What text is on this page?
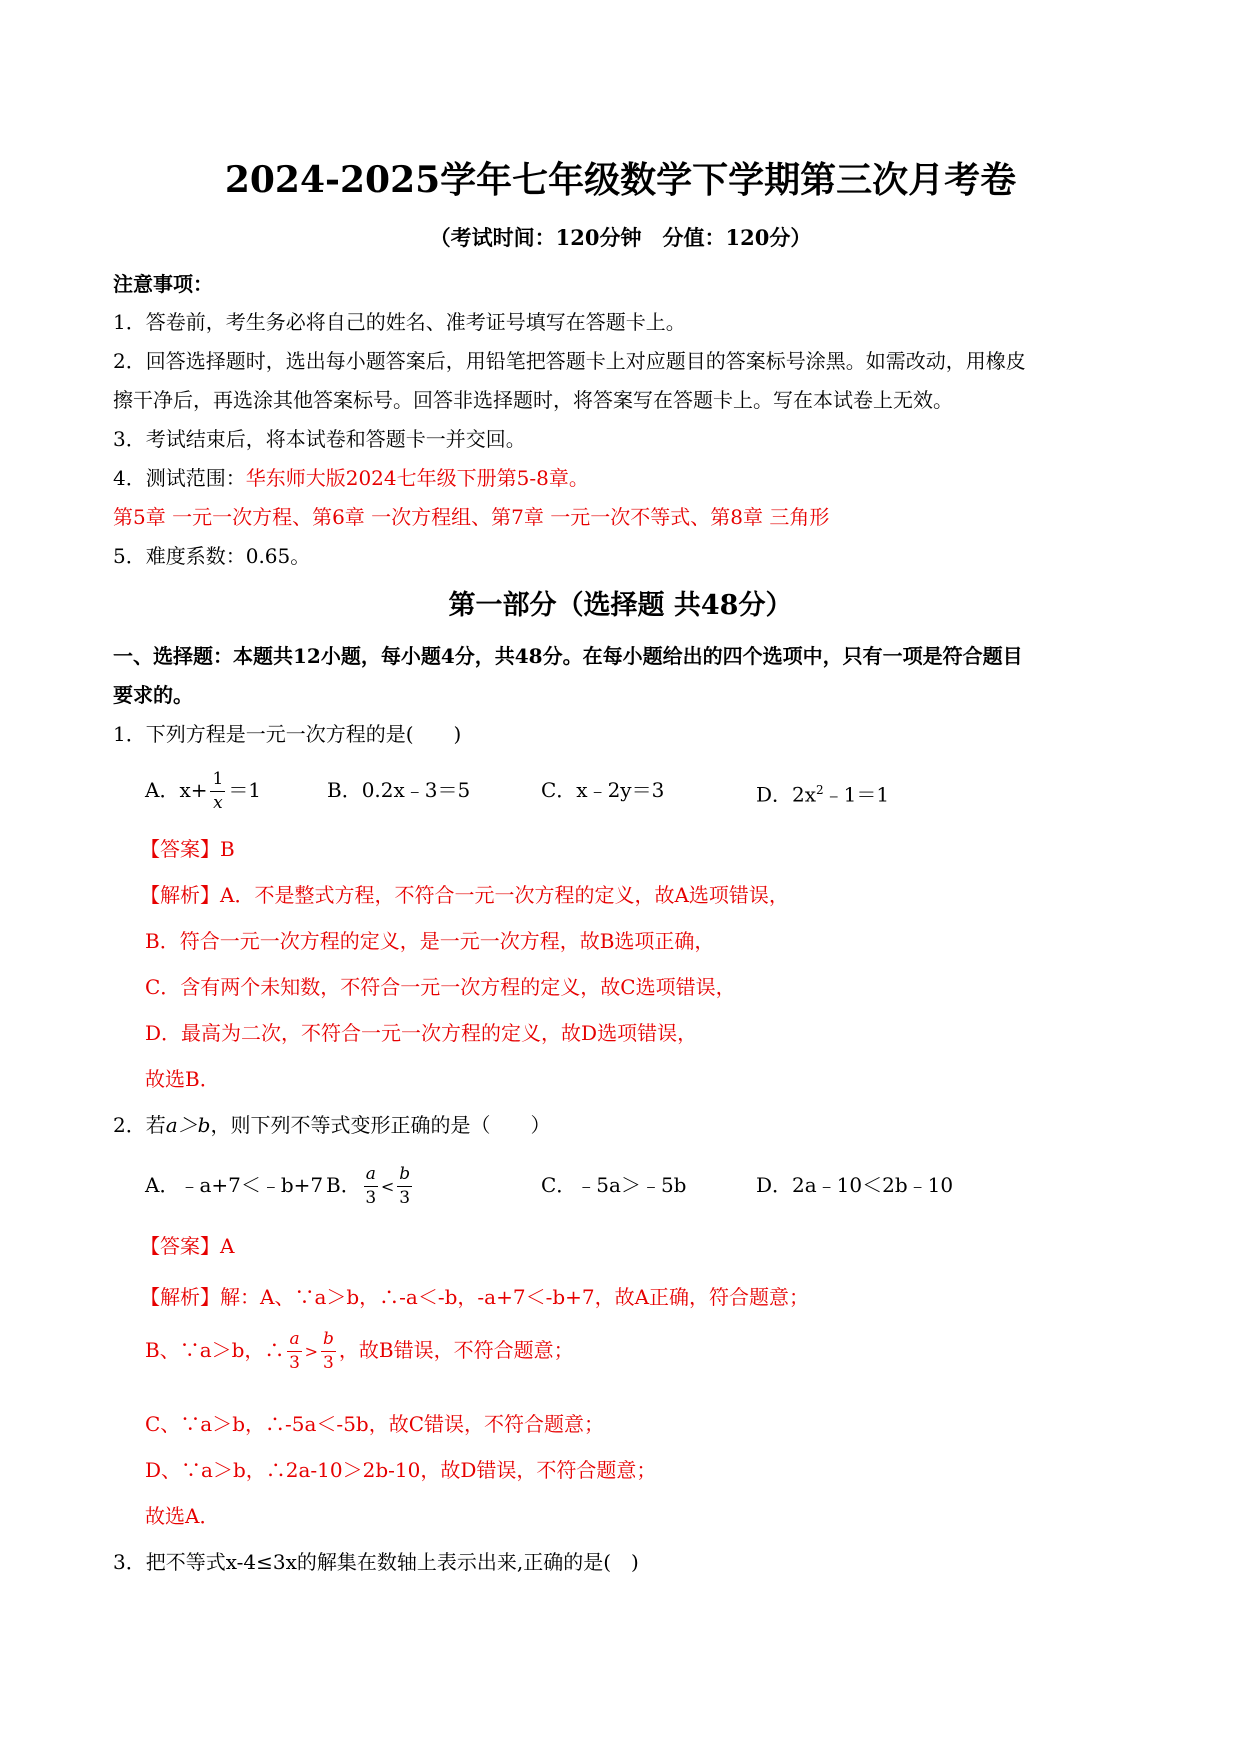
2024-2025学年七年级数学下学期第三次月考卷
（考试时间：120分钟　分值：120分）
注意事项：
1．答卷前，考生务必将自己的姓名、准考证号填写在答题卡上。
2．回答选择题时，选出每小题答案后，用铅笔把答题卡上对应题目的答案标号涂黑。如需改动，用橡皮
擦干净后，再选涂其他答案标号。回答非选择题时，将答案写在答题卡上。写在本试卷上无效。
3．考试结束后，将本试卷和答题卡一并交回。
4．测试范围：华东师大版2024七年级下册第5-8章。
第5章 一元一次方程、第6章 一次方程组、第7章 一元一次不等式、第8章 三角形
5．难度系数：0.65。
第一部分（选择题 共48分）
一、选择题：本题共12小题，每小题4分，共48分。在每小题给出的四个选项中，只有一项是符合题目
要求的。
1．下列方程是一元一次方程的是(　　)
A．$x+ \frac{1}{x} =1$	B．0.2x﹣3＝5	C．x﹣2y＝3	D．$2x^2﹣1=1$
【答案】B
【解析】A．不是整式方程，不符合一元一次方程的定义，故A选项错误，
B．符合一元一次方程的定义，是一元一次方程，故B选项正确，
C．含有两个未知数，不符合一元一次方程的定义，故C选项错误，
D．最高为二次，不符合一元一次方程的定义，故D选项错误，
故选B．
2．若a＞b，则下列不等式变形正确的是（　　）
A．﹣a+7＜﹣b+7 B． $\frac{a}{3} < \frac{b}{3}$	C．﹣5a＞﹣5b	D．2a﹣10＜2b﹣10
【答案】A
【解析】解：A、∵a＞b，∴-a＜-b，-a+7＜-b+7，故A正确，符合题意；
B、∵a＞b，∴ $\frac{a}{3} > \frac{b}{3}$ ，故B错误，不符合题意；
C、∵a＞b，∴-5a＜-5b，故C错误，不符合题意；
D、∵a＞b，∴2a-10＞2b-10，故D错误，不符合题意；
故选A．
3．把不等式x-4≤3x的解集在数轴上表示出来,正确的是(　)
